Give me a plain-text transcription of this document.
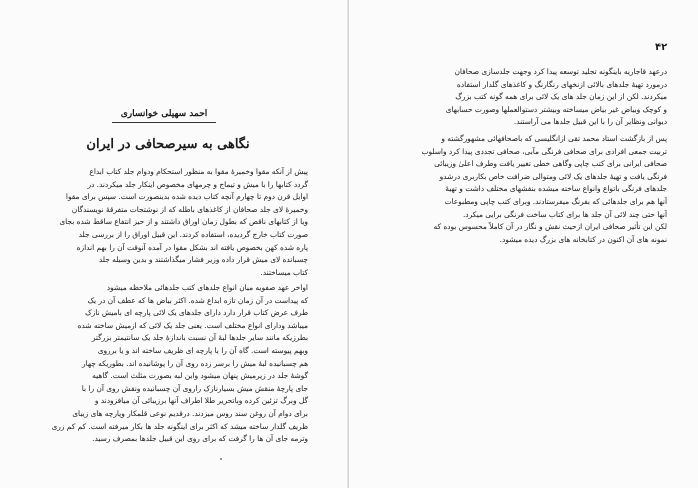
احمد سهیلی خوانساری
نگاهی به سیرصحافی در ایران
پیش از آنکه مقوا وخمیرهٔ مقوا به منظور استحکام ودوام جلد کتاب ابداع
گردد کتابها را با میش و تیماج و چرمهای مخصوص اینکار جلد میکردند. در
اوایل قرن دوم تا چهارم آنچه کتاب دیده شده بدینصورت است. سپس برای مقوا
وخمیرهٔ لای جلد صحافان از کاغذهای باطله که از نوشتجات متفرقهٔ نویسندگان
ویا از کتابهای ناقص که بطول زمان اوراق داشتند و از حیز انتفاع ساقط شده بجای
صورت کتاب خارج گردیده، استفاده کردند. این قبیل اوراق را از بررسی جلد
پاره شده کهن بخصوص یافته اند بشکل مقوا در آمده آنوقت آن را بهم اندازه
چسبانده لای میش قرار داده وزیر فشار میگذاشتند و بدین وسیله جلد
کتاب میساختند.
اواخر عهد صفویه میان انواع جلدهای کتب جلدهائی ملاحظه میشود
که پیداست در آن زمان تازه ابداع شده. اکثر بیاض ها که عطف آن در یک
طرف عرض کتاب قرار دارد دارای جلدهای یک لائی پارچه ای بامیش نازک
میباشد ودارای انواع مختلف است. یعنی جلد یک لائی که ازمیش ساخته شده
بطرزیکه مانند سایر جلدها لبهٔ آن نسبت باندازهٔ جلد یک سانتیمتر بزرگتر
وبهم پیوسته است. گاه آن را با پارچه ای ظریف ساخته اند و یا برروی
هم چسبانیده لبهٔ میش را برسر زده روی آن را پوشانیده اند. بطوریکه چهار
گوشهٔ جلد در زیرمیش پنهان میشود واین لبه بصورت مثلث است. گاهیه
جای پارچهٔ منقش میش بسیارنازک راروی آن چسبانیده ونقش روی آن را با
گل وبرگ تزئین کرده وباتحریر طلا اطراف آنها برزیبائی آن میافزودند و
برای دوام آن روغن سند روس میزدند. درقدیم نوعی قلمکار وپارچه های زیبای
ظریف گلدار ساخته میشد که اکثر برای اینگونه جلد ها بکار میرفته است. کم کم زری
وترمه جای آن ها را گرفت که برای روی این قبیل جلدها بمصرف رسید.
۴۲
درعهد قاجاریه باینگونه تجلید توسعه پیدا کرد وجهت جلدسازی صحافان
درمورد تهیهٔ جلدهای بالائی ازنخهای رنگارنگ و کاغذهای گلدار استفاده
میکردند. لکن از این زمان جلد های یک لائی برای همه گونه کتب بزرگ
و کوچک وبیاض غیر بیاض میساخته وبیشتر دستوالعملها وصورت حسابهای
دیوانی ونظایر آن را با این قبیل جلدها می آراستند.
پس از بازگشت استاد محمد تقی ازانگلیسی که باصحافهائی مشهورگشته و
تربیت جمعی افرادی برای صحافی فرنگی مآبی، صحافی تجددی پیدا کرد واسلوب
صحافی ایرانی برای کتب چاپی وگاهی خطی تغییر یافت وطرف اعلیٰ وزیبائی
فرنگی یافت و تهیهٔ جلدهای یک لائی ومتوالی ضرافت خاص بکاربری درشدو
جلدهای فرنگی باتواع وانواع ساخته میشده بنقشهای مختلف داشت و تهیهٔ
آنها هم برای جلدهائی که بفرنگ میفرستادند. وبرای کتب چاپی ومطبوعات
آنها حتی چند لائی آن جلد ها برای کتاب ساخت فرنگی برایی میکرد.
لکن این تأثیر صحافی ایران ازحیث نقش و نگار در آن کاملاً محسوس بوده که
نمونه های آن اکنون در کتابخانه های بزرگ دیده میشود.
